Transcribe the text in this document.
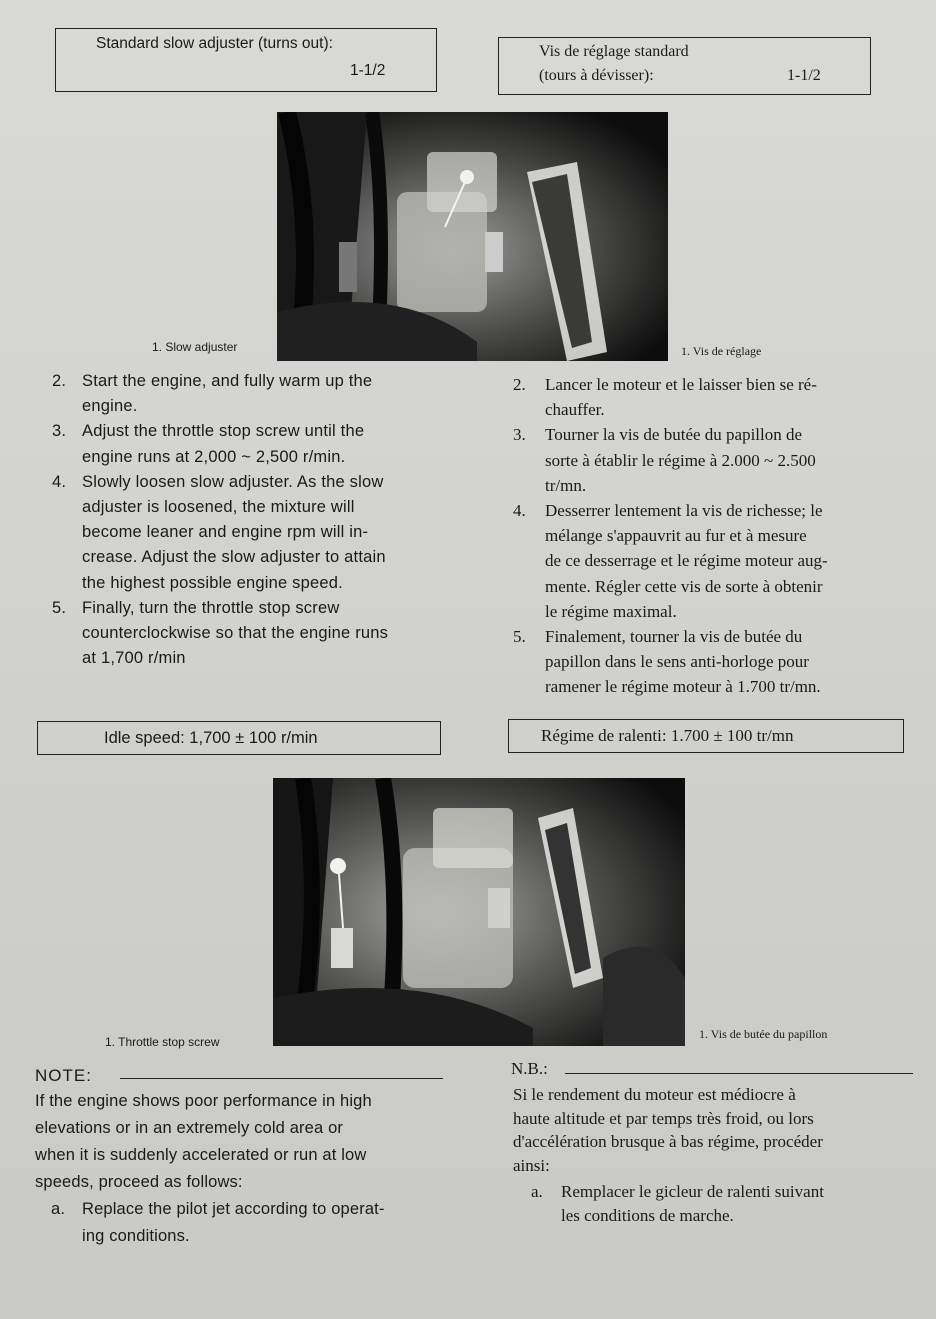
Standard slow adjuster (turns out):
1-1/2
Vis de réglage standard
(tours à dévisser):	1-1/2
1. Slow adjuster	1. Vis de réglage
2. Start the engine, and fully warm up the
engine.
3. Adjust the throttle stop screw until the
engine runs at 2,000 ~ 2,500 r/min.
4. Slowly loosen slow adjuster. As the slow
adjuster is loosened, the mixture will
become leaner and engine rpm will in-
crease. Adjust the slow adjuster to attain
the highest possible engine speed.
5. Finally, turn the throttle stop screw
counterclockwise so that the engine runs
at 1,700 r/min
2. Lancer le moteur et le laisser bien se ré-
chauffer.
3. Tourner la vis de butée du papillon de
sorte à établir le régime à 2.000 ~ 2.500
tr/mn.
4. Desserrer lentement la vis de richesse; le
mélange s'appauvrit au fur et à mesure
de ce desserrage et le régime moteur aug-
mente. Régler cette vis de sorte à obtenir
le régime maximal.
5. Finalement, tourner la vis de butée du
papillon dans le sens anti-horloge pour
ramener le régime moteur à 1.700 tr/mn.
Idle speed: 1,700 ± 100 r/min	Régime de ralenti: 1.700 ± 100 tr/mn
1. Throttle stop screw
1. Vis de butée du papillon
NOTE:
If the engine shows poor performance in high
elevations or in an extremely cold area or
when it is suddenly accelerated or run at low
speeds, proceed as follows:
a. Replace the pilot jet according to operat-
ing conditions.
N.B.:
Si le rendement du moteur est médiocre à
haute altitude et par temps très froid, ou lors
d'accélération brusque à bas régime, procéder
ainsi:
a. Remplacer le gicleur de ralenti suivant
les conditions de marche.
